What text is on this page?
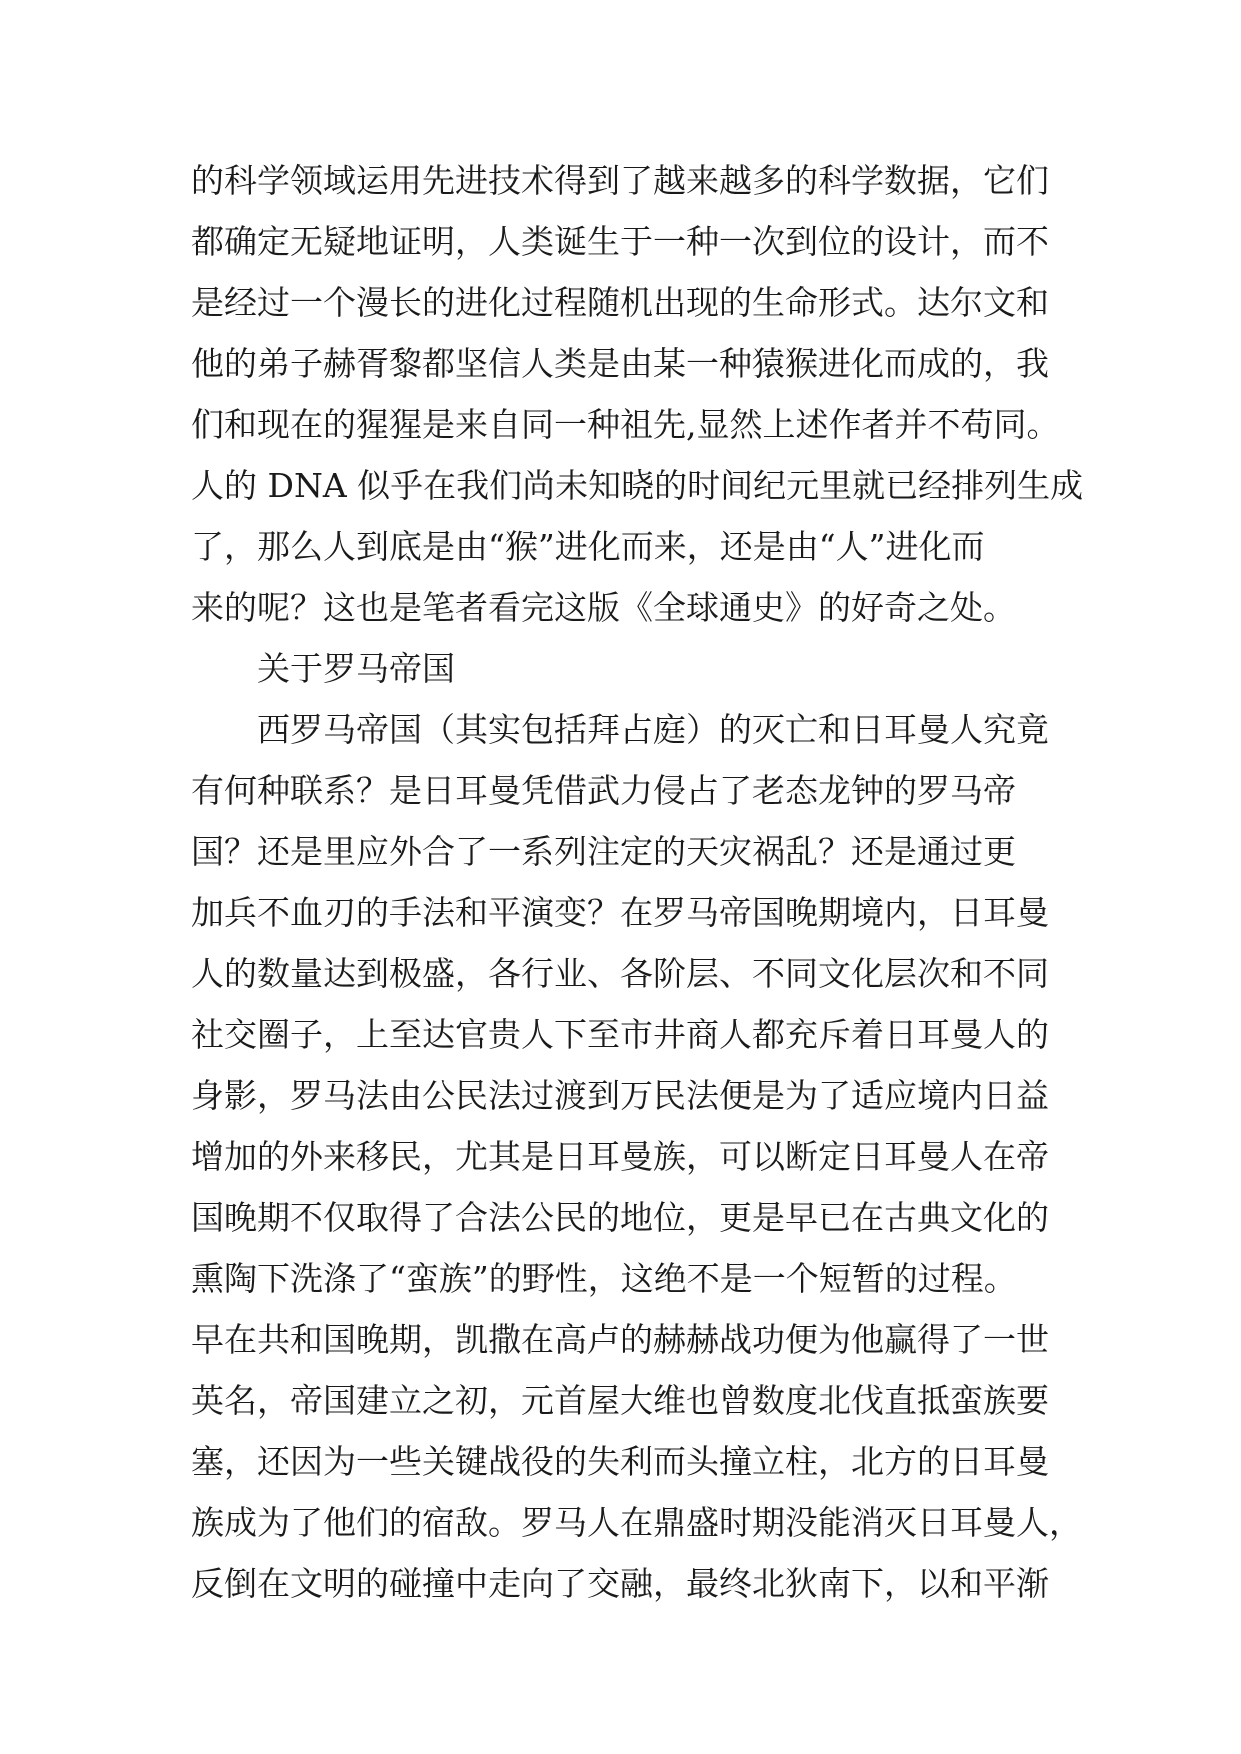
的科学领域运用先进技术得到了越来越多的科学数据，它们
都确定无疑地证明，人类诞生于一种一次到位的设计，而不
是经过一个漫长的进化过程随机出现的生命形式。达尔文和
他的弟子赫胥黎都坚信人类是由某一种猿猴进化而成的，我
们和现在的猩猩是来自同一种祖先,显然上述作者并不苟同。
人的 DNA 似乎在我们尚未知晓的时间纪元里就已经排列生成
了，那么人到底是由“猴”进化而来，还是由“人”进化而
来的呢？这也是笔者看完这版《全球通史》的好奇之处。
关于罗马帝国
西罗马帝国（其实包括拜占庭）的灭亡和日耳曼人究竟
有何种联系？是日耳曼凭借武力侵占了老态龙钟的罗马帝
国？还是里应外合了一系列注定的天灾祸乱？还是通过更
加兵不血刃的手法和平演变？在罗马帝国晚期境内，日耳曼
人的数量达到极盛，各行业、各阶层、不同文化层次和不同
社交圈子，上至达官贵人下至市井商人都充斥着日耳曼人的
身影，罗马法由公民法过渡到万民法便是为了适应境内日益
增加的外来移民，尤其是日耳曼族，可以断定日耳曼人在帝
国晚期不仅取得了合法公民的地位，更是早已在古典文化的
熏陶下洗涤了“蛮族”的野性，这绝不是一个短暂的过程。
早在共和国晚期，凯撒在高卢的赫赫战功便为他赢得了一世
英名，帝国建立之初，元首屋大维也曾数度北伐直抵蛮族要
塞，还因为一些关键战役的失利而头撞立柱，北方的日耳曼
族成为了他们的宿敌。罗马人在鼎盛时期没能消灭日耳曼人，
反倒在文明的碰撞中走向了交融，最终北狄南下，以和平渐
